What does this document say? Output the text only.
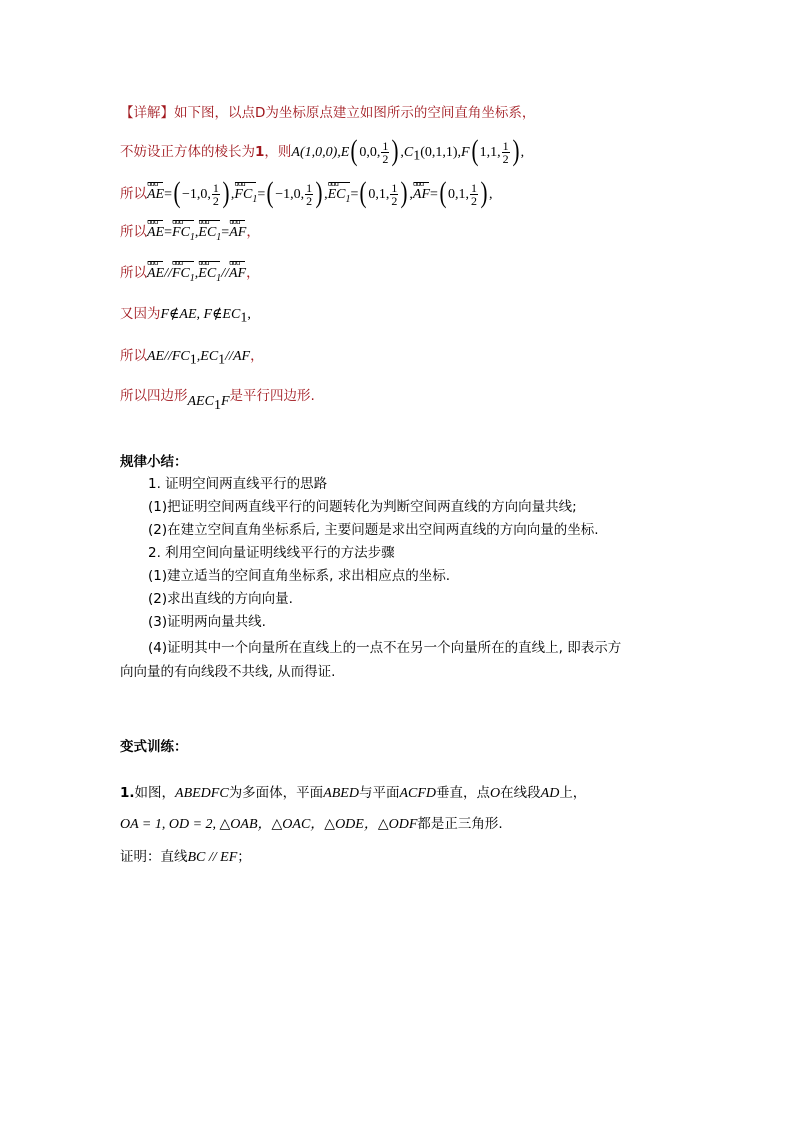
【详解】如下图，以点D为坐标原点建立如图所示的空间直角坐标系，
不妨设正方体的棱长为1，则A(1,0,0),E( 0,0, $\frac{1}{2}$ ) $,C_1(0,1,1),F$( 1,1, $\frac{1}{2}$ ) ,
所以AE uuu=( −1,0, $\frac{1}{2}$ ) $,FC_1$ uuu=( −1,0, $\frac{1}{2}$ ) $,EC_1$ uuu=( 0,1, $\frac{1}{2}$ ) ,AF uuu=( 0,1, $\frac{1}{2}$ ) ,
所以AE $uuu=FC_1$ $uuu,EC_1$ uuu=AF uuu，
所以AE uuu/$/FC_1$ $uuu,EC_1$ uuu//AF uuu，
又因为F∉AE, $F\notin EC_1$,
所以$AE//FC_1,EC_1//AF$，
所以四边形$AEC_1F$是平行四边形.
规律小结：
1. 证明空间两直线平行的思路
(1)把证明空间两直线平行的问题转化为判断空间两直线的方向向量共线;
(2)在建立空间直角坐标系后, 主要问题是求出空间两直线的方向向量的坐标.
2. 利用空间向量证明线线平行的方法步骤
(1)建立适当的空间直角坐标系, 求出相应点的坐标.
(2)求出直线的方向向量.
(3)证明两向量共线.
(4)证明其中一个向量所在直线上的一点不在另一个向量所在的直线上, 即表示方
向向量的有向线段不共线, 从而得证.
变式训练：
1.如图，ABEDFC为多面体，平面ABED与平面ACFD垂直，点O在线段AD上，
OA = 1, OD = 2, △OAB，△OAC，△ODE，△ODF都是正三角形.
证明：直线BC // EF；
